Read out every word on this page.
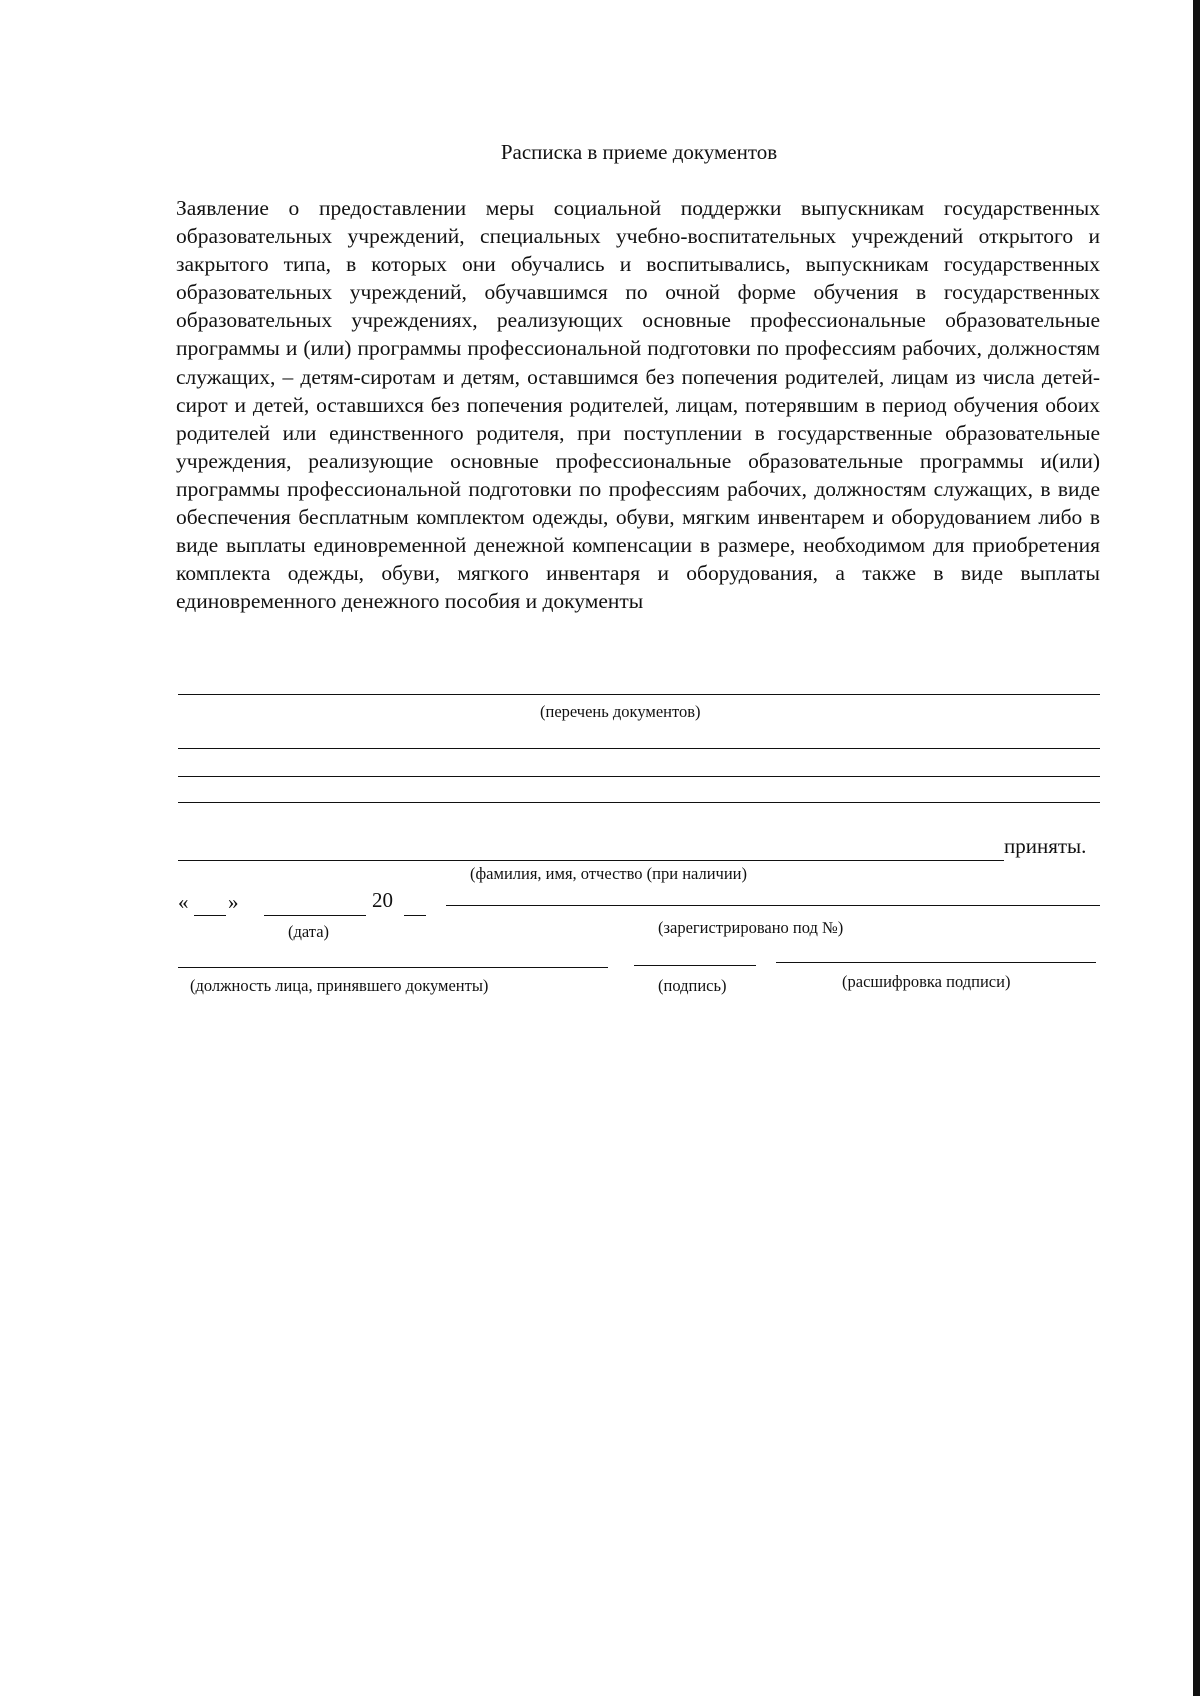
Расписка в приеме документов

Заявление о предоставлении меры социальной поддержки выпускникам государственных образовательных учреждений, специальных учебно-воспитательных учреждений открытого и закрытого типа, в которых они обучались и воспитывались, выпускникам государственных образовательных учреждений, обучавшимся по очной форме обучения в государственных образовательных учреждениях, реализующих основные профессиональные образовательные программы и (или) программы профессиональной подготовки по профессиям рабочих, должностям служащих, – детям-сиротам и детям, оставшимся без попечения родителей, лицам из числа детей-сирот и детей, оставшихся без попечения родителей, лицам, потерявшим в период обучения обоих родителей или единственного родителя, при поступлении в государственные образовательные учреждения, реализующие основные профессиональные образовательные программы и(или) программы профессиональной подготовки по профессиям рабочих, должностям служащих, в виде обеспечения бесплатным комплектом одежды, обуви, мягким инвентарем и оборудованием либо в виде выплаты единовременной денежной компенсации в размере, необходимом для приобретения комплекта одежды, обуви, мягкого инвентаря и оборудования, а также в виде выплаты единовременного денежного пособия и документы

(перечень документов)
приняты.
(фамилия, имя, отчество (при наличии)
« »	20
(дата)	(зарегистрировано под №)
(должность лица, принявшего документы)	(подпись)	(расшифровка подписи)
